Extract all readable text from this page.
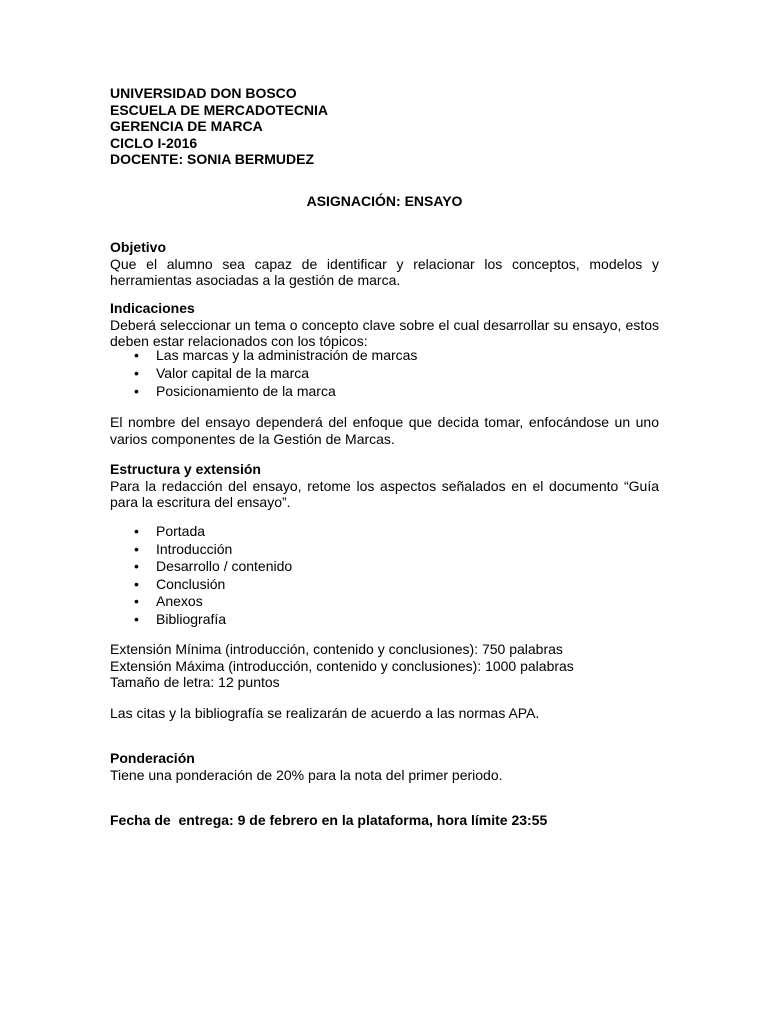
UNIVERSIDAD DON BOSCO
ESCUELA DE MERCADOTECNIA
GERENCIA DE MARCA
CICLO I-2016
DOCENTE: SONIA BERMUDEZ
ASIGNACIÓN: ENSAYO
Objetivo
Que el alumno sea capaz de identificar y relacionar los conceptos, modelos y herramientas asociadas a la gestión de marca.
Indicaciones
Deberá seleccionar un tema o concepto clave sobre el cual desarrollar su ensayo, estos deben estar relacionados con los tópicos:
• Las marcas y la administración de marcas
• Valor capital de la marca
• Posicionamiento de la marca
El nombre del ensayo dependerá del enfoque que decida tomar, enfocándose un uno varios componentes de la Gestión de Marcas.
Estructura y extensión
Para la redacción del ensayo, retome los aspectos señalados en el documento “Guía para la escritura del ensayo”.
• Portada
• Introducción
• Desarrollo / contenido
• Conclusión
• Anexos
• Bibliografía
Extensión Mínima (introducción, contenido y conclusiones): 750 palabras
Extensión Máxima (introducción, contenido y conclusiones): 1000 palabras
Tamaño de letra: 12 puntos
Las citas y la bibliografía se realizarán de acuerdo a las normas APA.
Ponderación
Tiene una ponderación de 20% para la nota del primer periodo.
Fecha de  entrega: 9 de febrero en la plataforma, hora límite 23:55
